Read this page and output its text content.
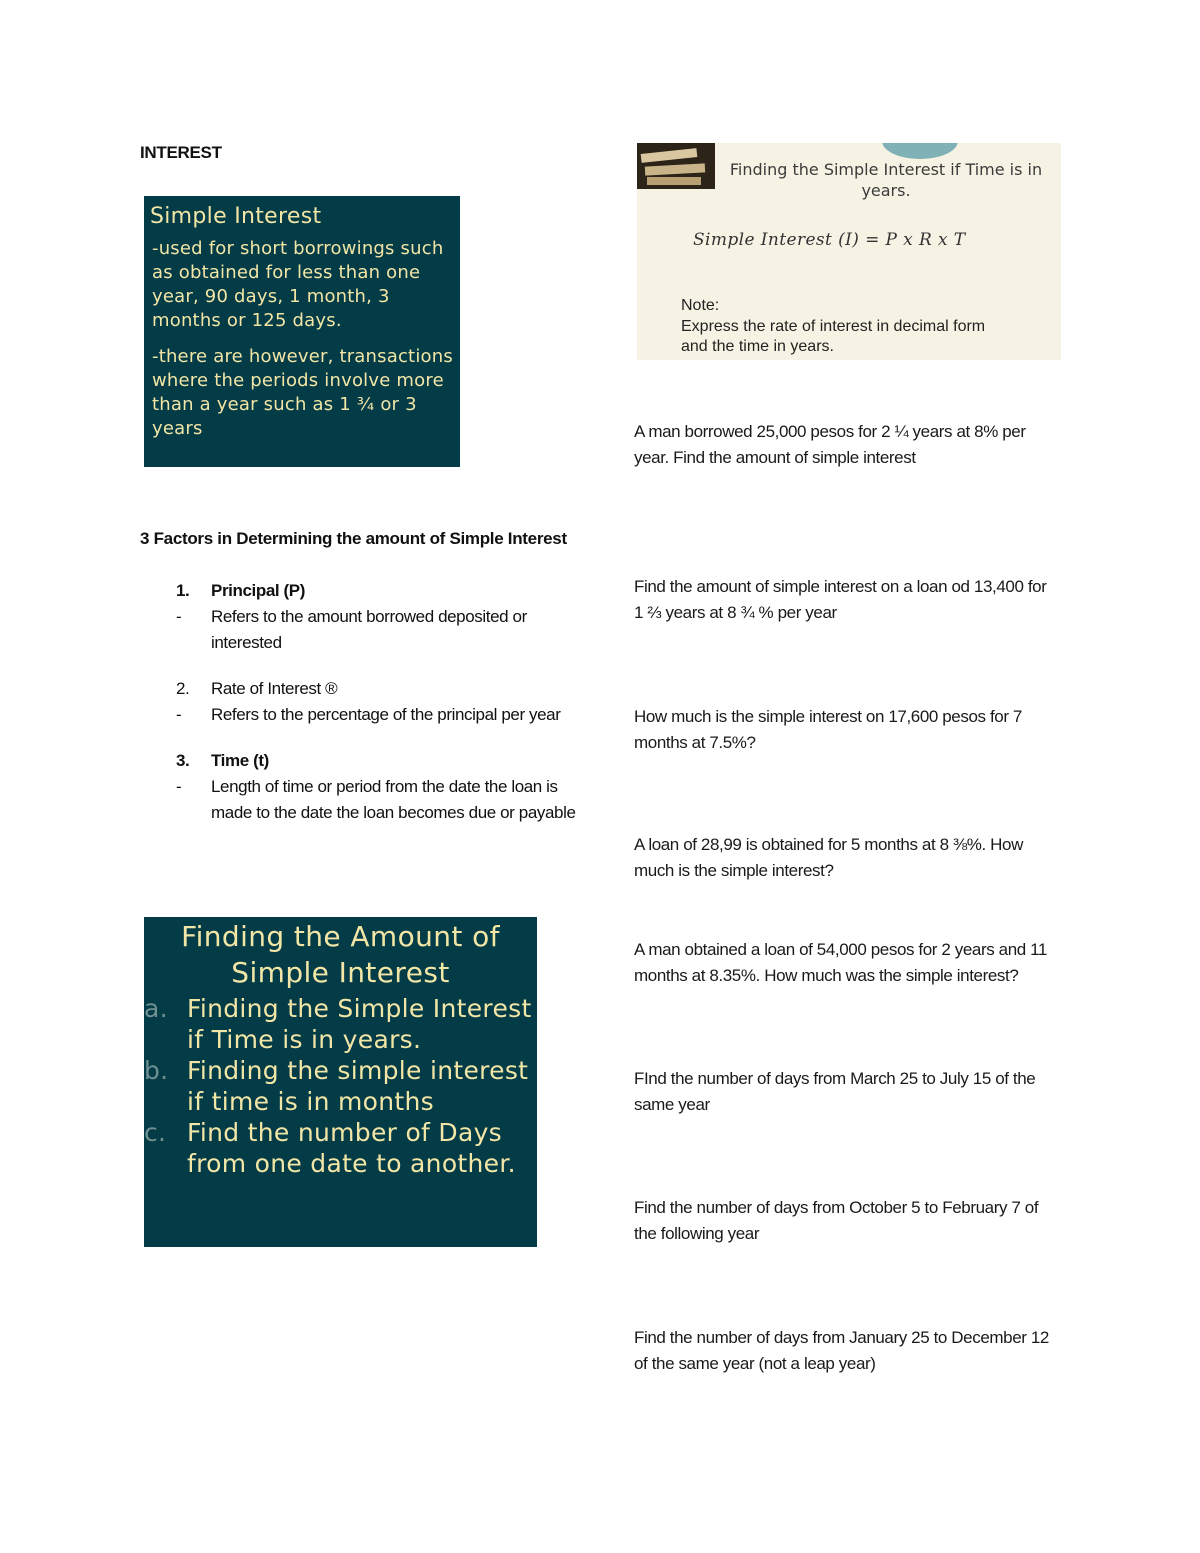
INTEREST
Simple Interest
-used for short borrowings such as obtained for less than one year, 90 days, 1 month, 3 months or 125 days.
-there are however, transactions where the periods involve more than a year such as 1 ¾ or 3 years
Finding the Simple Interest if Time is in years.
Simple Interest (I) = P x R x T
Note:
Express the rate of interest in decimal form and the time in years.
3 Factors in Determining the amount of Simple Interest
1.	Principal (P)
-	Refers to the amount borrowed deposited or interested
2.	Rate of Interest ®
-	Refers to the percentage of the principal per year
3.	Time (t)
-	Length of time or period from the date the loan is made to the date the loan becomes due or payable
Finding the Amount of Simple Interest
a. Finding the Simple Interest if Time is in years.
b. Finding the simple interest if time is in months
c. Find the number of Days from one date to another.
A man borrowed 25,000 pesos for 2 ¼ years at 8% per year. Find the amount of simple interest
Find the amount of simple interest on a loan od 13,400 for 1 ⅔ years at 8 ¾ % per year
How much is the simple interest on 17,600 pesos for 7 months at 7.5%?
A loan of 28,99 is obtained for 5 months at 8 ⅜%. How much is the simple interest?
A man obtained a loan of 54,000 pesos for 2 years and 11 months at 8.35%. How much was the simple interest?
FInd the number of days from March 25 to July 15 of the same year
Find the number of days from October 5 to February 7 of the following year
Find the number of days from January 25 to December 12 of the same year (not a leap year)
